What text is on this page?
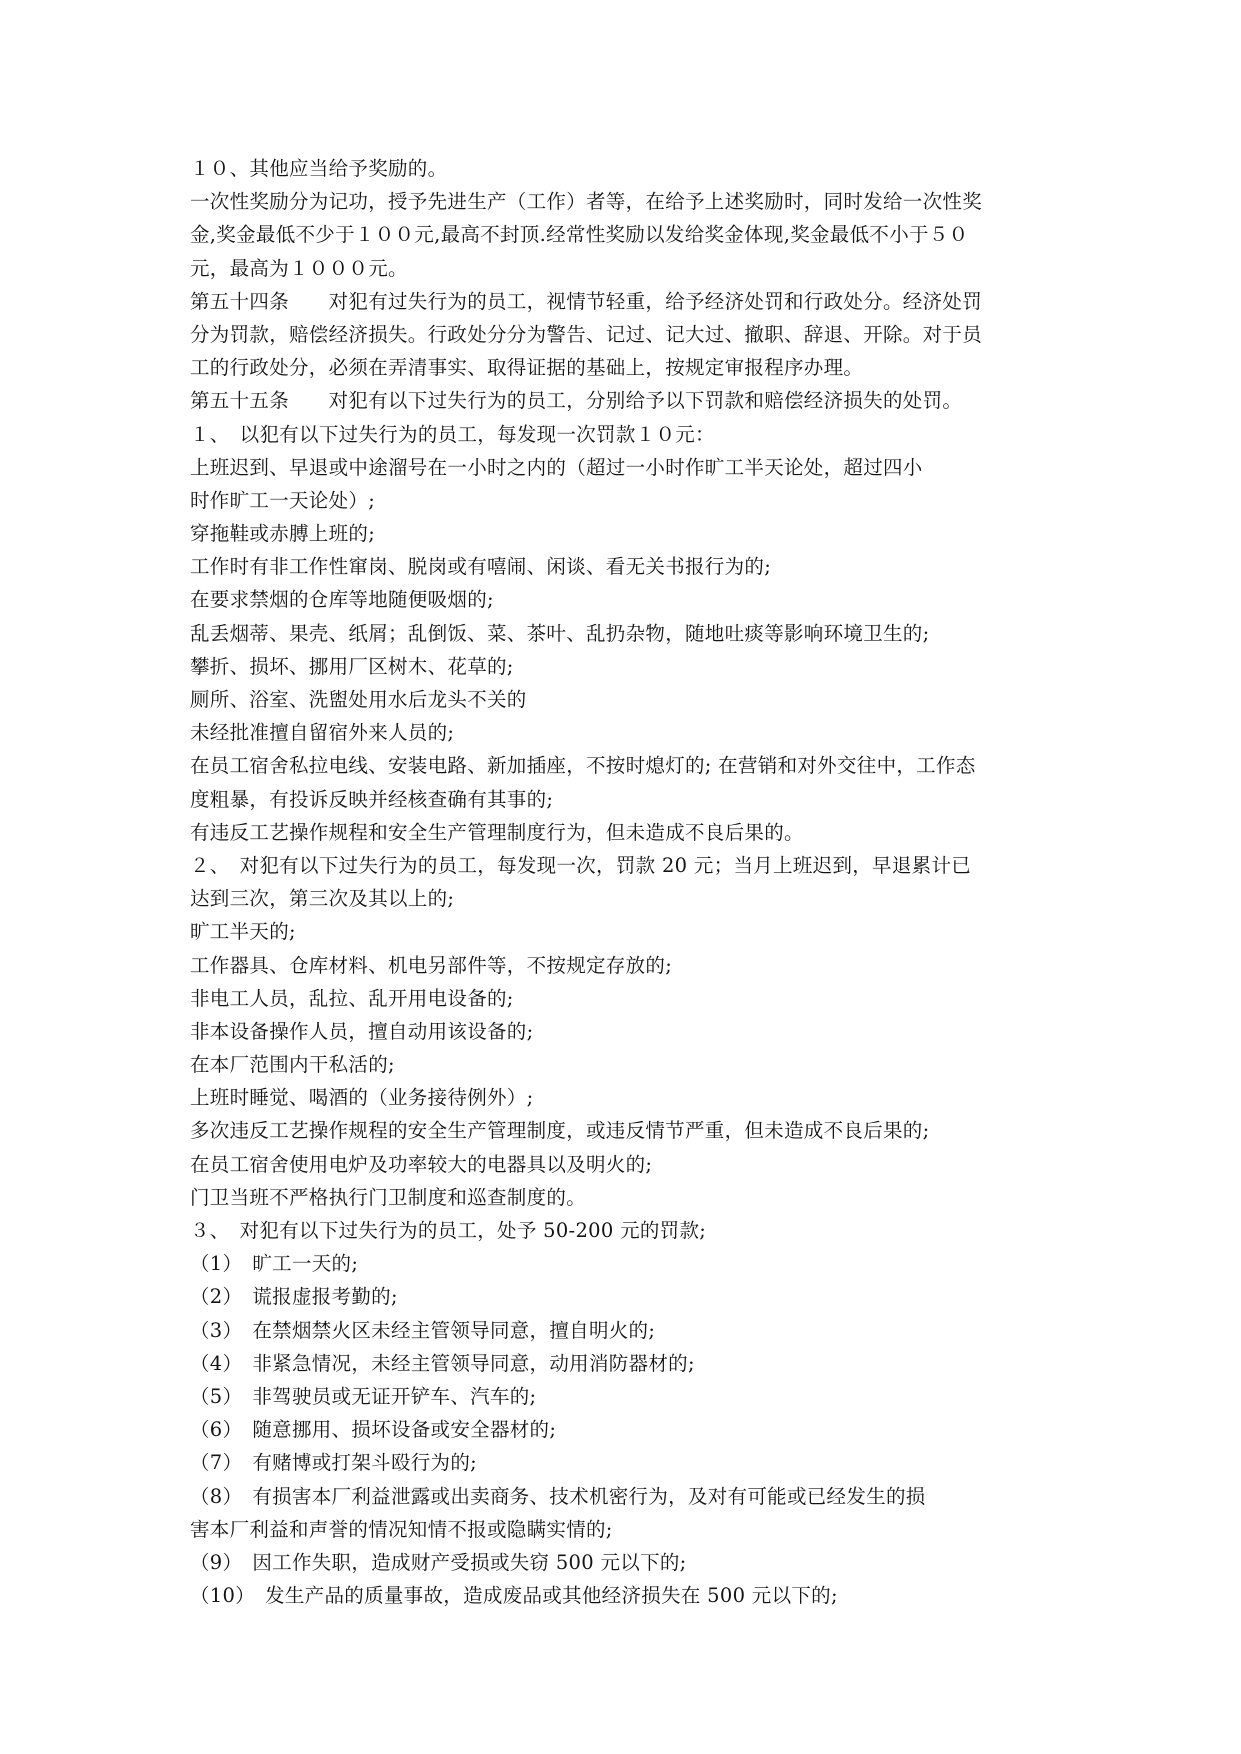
１０、其他应当给予奖励的。
一次性奖励分为记功，授予先进生产（工作）者等，在给予上述奖励时，同时发给一次性奖
金,奖金最低不少于１００元,最高不封顶.经常性奖励以发给奖金体现,奖金最低不小于５０
元，最高为１０００元。
第五十四条　　对犯有过失行为的员工，视情节轻重，给予经济处罚和行政处分。经济处罚
分为罚款，赔偿经济损失。行政处分分为警告、记过、记大过、撤职、辞退、开除。对于员
工的行政处分，必须在弄清事实、取得证据的基础上，按规定审报程序办理。
第五十五条　　对犯有以下过失行为的员工，分别给予以下罚款和赔偿经济损失的处罚。
１、　以犯有以下过失行为的员工，每发现一次罚款１０元：
上班迟到、早退或中途溜号在一小时之内的（超过一小时作旷工半天论处，超过四小
时作旷工一天论处）;
穿拖鞋或赤膊上班的;
工作时有非工作性窜岗、脱岗或有嘻闹、闲谈、看无关书报行为的;
在要求禁烟的仓库等地随便吸烟的;
乱丢烟蒂、果壳、纸屑；乱倒饭、菜、茶叶、乱扔杂物，随地吐痰等影响环境卫生的;
攀折、损坏、挪用厂区树木、花草的;
厕所、浴室、洗盥处用水后龙头不关的
未经批准擅自留宿外来人员的;
在员工宿舍私拉电线、安装电路、新加插座，不按时熄灯的; 在营销和对外交往中，工作态
度粗暴，有投诉反映并经核查确有其事的;
有违反工艺操作规程和安全生产管理制度行为，但未造成不良后果的。
２、　对犯有以下过失行为的员工，每发现一次，罚款 20 元；当月上班迟到，早退累计已
达到三次，第三次及其以上的;
旷工半天的;
工作器具、仓库材料、机电另部件等，不按规定存放的;
非电工人员，乱拉、乱开用电设备的;
非本设备操作人员，擅自动用该设备的;
在本厂范围内干私活的;
上班时睡觉、喝酒的（业务接待例外）;
多次违反工艺操作规程的安全生产管理制度，或违反情节严重，但未造成不良后果的;
在员工宿舍使用电炉及功率较大的电器具以及明火的;
门卫当班不严格执行门卫制度和巡查制度的。
３、　对犯有以下过失行为的员工，处予 50-200 元的罚款;
（1）　旷工一天的;
（2）　谎报虚报考勤的;
（3）　在禁烟禁火区未经主管领导同意，擅自明火的;
（4）　非紧急情况，未经主管领导同意，动用消防器材的;
（5）　非驾驶员或无证开铲车、汽车的;
（6）　随意挪用、损坏设备或安全器材的;
（7）　有赌博或打架斗殴行为的;
（8）　有损害本厂利益泄露或出卖商务、技术机密行为，及对有可能或已经发生的损
害本厂利益和声誉的情况知情不报或隐瞒实情的;
（9）　因工作失职，造成财产受损或失窃 500 元以下的;
（10）　发生产品的质量事故，造成废品或其他经济损失在 500 元以下的;
